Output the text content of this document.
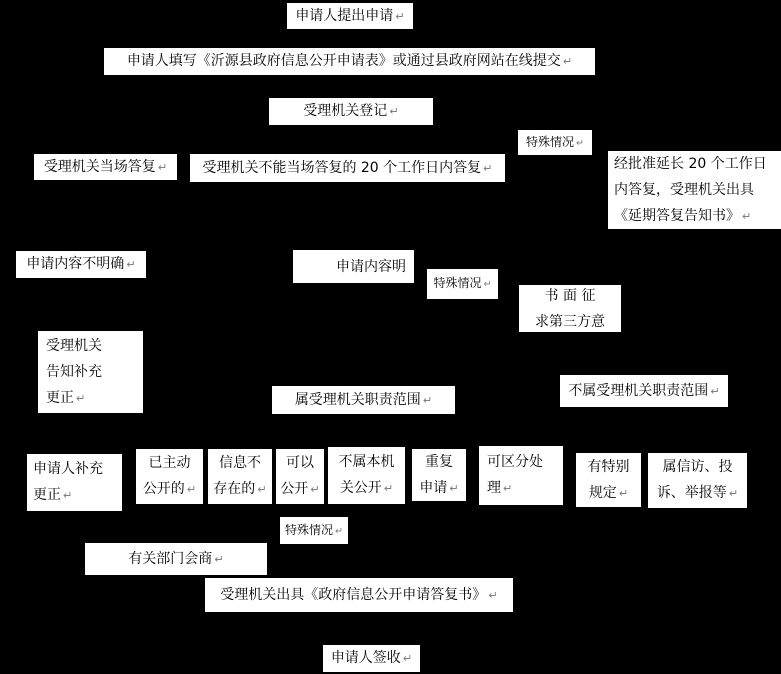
申请人提出申请 ↵
申请人填写《沂源县政府信息公开申请表》或通过县政府网站在线提交 ↵
受理机关登记 ↵
特殊情况 ↵
受理机关当场答复 ↵	受理机关不能当场答复的 20 个工作日内答复 ↵	经批准延长 20 个工作日
内答复，受理机关出具
《延期答复告知书》 ↵
申请内容不明确 ↵	申请内容明
特殊情况 ↵
书 面 征
求第三方意
受理机关
告知补充
更正 ↵	属受理机关职责范围 ↵
不属受理机关职责范围 ↵
申请人补充
更正 ↵
已主动
公开的 ↵
信息不
存在的 ↵
可以
公开 ↵
不属本机
关公开 ↵
重复
申请 ↵
可区分处
理 ↵
有特别
规定 ↵
属信访、投
诉、举报等 ↵
特殊情况 ↵
有关部门会商 ↵
受理机关出具《政府信息公开申请答复书》 ↵
申请人签收 ↵
